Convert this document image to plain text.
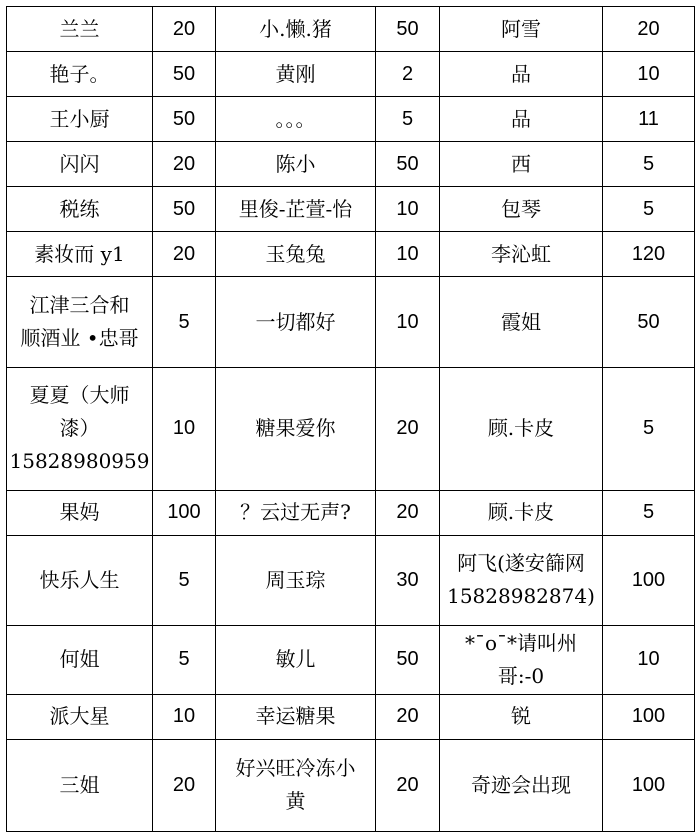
兰兰	20	小.懒.猪	50	阿雪	20

艳子。	50	黄刚	2	品	10

王小厨	50	。。。	5	品	11

闪闪	20	陈小	50	西	5

税练	50	里俊-芷萱-怡	10	包琴	5

素妆而 y1	20	玉兔兔	10	李沁虹	120

江津三合和
顺酒业 •忠哥	5	一切都好	10	霞姐	50

夏夏（大师
漆）
15828980959	10	糖果爱你	20	顾.卡皮	5

果妈	100	？云过无声?	20	顾.卡皮	5

快乐人生	5	周玉琮	30	阿飞(遂安篩网
15828982874)	100

何姐	5	敏儿	50	*¯o¯*请叫州
哥:-0	10

派大星	10	幸运糖果	20	锐	100

三姐	20	好兴旺冷冻小
黄	20	奇迹会出现	100
